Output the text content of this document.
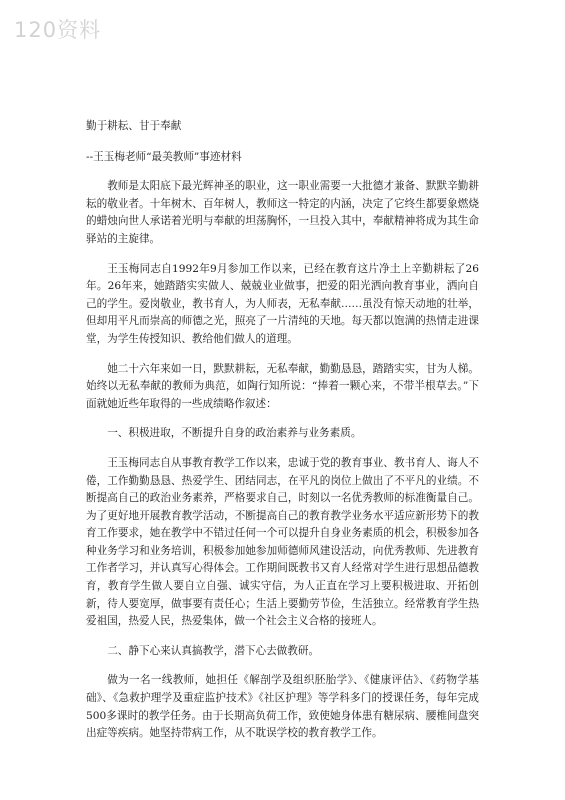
120资料

勤于耕耘、甘于奉献

--王玉梅老师“最美教师”事迹材料

教师是太阳底下最光辉神圣的职业，这一职业需要一大批德才兼备、默默辛勤耕耘的敬业者。十年树木、百年树人，教师这一特定的内涵，决定了它终生都要象燃烧的蜡烛向世人承诺着光明与奉献的坦荡胸怀，一旦投入其中，奉献精神将成为其生命驿站的主旋律。

王玉梅同志自1992年9月参加工作以来，已经在教育这片净土上辛勤耕耘了26年。26年来，她踏踏实实做人、兢兢业业做事，把爱的阳光洒向教育事业，洒向自己的学生。爱岗敬业，教书育人，为人师表，无私奉献……虽没有惊天动地的壮举，但却用平凡而崇高的师德之光，照亮了一片清纯的天地。每天都以饱满的热情走进课堂，为学生传授知识、教给他们做人的道理。

她二十六年来如一日，默默耕耘，无私奉献，勤勤恳恳，踏踏实实，甘为人梯。始终以无私奉献的教师为典范，如陶行知所说：“捧着一颗心来，不带半根草去。”下面就她近些年取得的一些成绩略作叙述：

一、积极进取，不断提升自身的政治素养与业务素质。

王玉梅同志自从事教育教学工作以来，忠诚于党的教育事业、教书育人、诲人不倦，工作勤勤恳恳、热爱学生、团结同志，在平凡的岗位上做出了不平凡的业绩。不断提高自己的政治业务素养，严格要求自己，时刻以一名优秀教师的标准衡量自己。为了更好地开展教育教学活动，不断提高自己的教育教学业务水平适应新形势下的教育工作要求，她在教学中不错过任何一个可以提升自身业务素质的机会，积极参加各种业务学习和业务培训，积极参加她参加师德师风建设活动，向优秀教师、先进教育工作者学习，并认真写心得体会。工作期间既教书又育人经常对学生进行思想品德教育，教育学生做人要自立自强、诚实守信，为人正直在学习上要积极进取、开拓创新，待人要宽厚，做事要有责任心；生活上要勤劳节俭，生活独立。经常教育学生热爱祖国，热爱人民，热爱集体，做一个社会主义合格的接班人。

二、静下心来认真搞教学，潜下心去做教研。

做为一名一线教师，她担任《解剖学及组织胚胎学》、《健康评估》、《药物学基础》、《急救护理学及重症监护技术》《社区护理》等学科多门的授课任务，每年完成500多课时的教学任务。由于长期高负荷工作，致使她身体患有糖尿病、腰椎间盘突出症等疾病。她坚持带病工作，从不耽误学校的教育教学工作。
